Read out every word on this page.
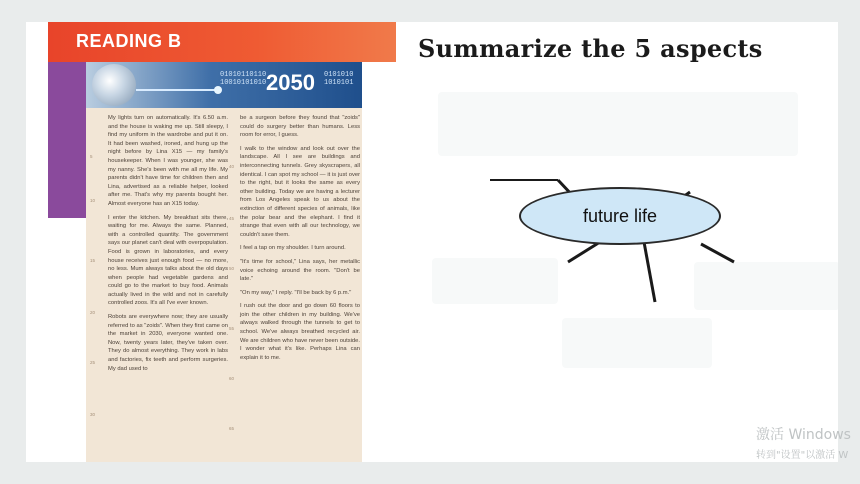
READING B
01010110110
10010101010 2050 0101010
1010101
5
10
15
20
25
30
40
45
50
55
60
65

My lights turn on automatically. It's 6.50 a.m. and the house is waking me up. Still sleepy, I find my uniform in the wardrobe and put it on. It had been washed, ironed, and hung up the night before by Lina X15 — my family's housekeeper. When I was younger, she was my nanny. She's been with me all my life. My parents didn't have time for children then and Lina, advertised as a reliable helper, looked after me. That's why my parents bought her. Almost everyone has an X15 today.

I enter the kitchen. My breakfast sits there, waiting for me. Always the same. Planned, with a controlled quantity. The government says our planet can't deal with overpopulation. Food is grown in laboratories, and every house receives just enough food — no more, no less. Mum always talks about the old days when people had vegetable gardens and could go to the market to buy food. Animals actually lived in the wild and not in carefully controlled zoos. It's all I've ever known.

Robots are everywhere now; they are usually referred to as "zoids". When they first came on the market in 2030, everyone wanted one. Now, twenty years later, they've taken over. They do almost everything. They work in labs and factories, fix teeth and perform surgeries. My dad used to

be a surgeon before they found that "zoids" could do surgery better than humans. Less room for error, I guess.

I walk to the window and look out over the landscape. All I see are buildings and interconnecting tunnels. Grey skyscrapers, all identical. I can spot my school — it is just over to the right, but it looks the same as every other building. Today we are having a lecturer from Los Angeles speak to us about the extinction of different species of animals, like the polar bear and the elephant. I find it strange that even with all our technology, we couldn't save them.

I feel a tap on my shoulder. I turn around.

"It's time for school," Lina says, her metallic voice echoing around the room. "Don't be late."

"On my way," I reply. "I'll be back by 6 p.m."

I rush out the door and go down 60 floors to join the other children in my building. We've always walked through the tunnels to get to school. We've always breathed recycled air. We are children who have never been outside. I wonder what it's like. Perhaps Lina can explain it to me.

Summarize the 5 aspects
future life
激活 Windows
转到"设置"以激活 W
